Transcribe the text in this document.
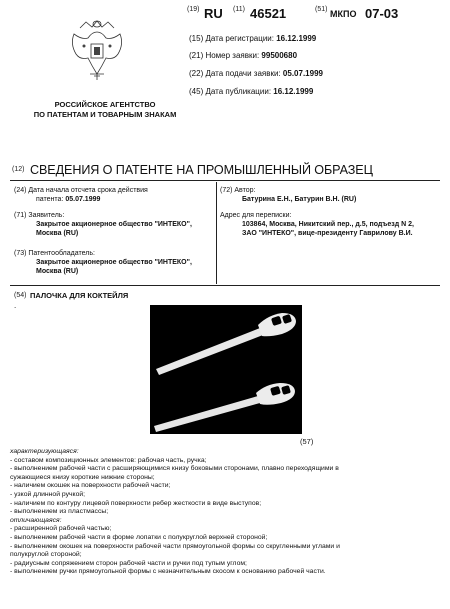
(19) RU (11) 46521	(51) МКПО 07-03
(15) Дата регистрации: 16.12.1999
(21) Номер заявки: 99500680
(22) Дата подачи заявки: 05.07.1999
(45) Дата публикации: 16.12.1999
РОССИЙСКОЕ АГЕНТСТВО
ПО ПАТЕНТАМ И ТОВАРНЫМ ЗНАКАМ
(12) СВЕДЕНИЯ О ПАТЕНТЕ НА ПРОМЫШЛЕННЫЙ ОБРАЗЕЦ
(24) Дата начала отсчета срока действия
патента: 05.07.1999
(71) Заявитель:
Закрытое акционерное общество "ИНТЕКО",
Москва (RU)
(73) Патентообладатель:
Закрытое акционерное общество "ИНТЕКО",
Москва (RU)
(72) Автор:
Батурина Е.Н., Батурин В.Н. (RU)
Адрес для переписки:
103864, Москва, Никитский пер., д.5, подъезд N 2,
ЗАО "ИНТЕКО", вице-президенту Гаврилову В.И.
(54) ПАЛОЧКА ДЛЯ КОКТЕЙЛЯ
.
(57)
характеризующаяся:
- составом композиционных элементов: рабочая часть, ручка;
- выполнением рабочей части с расширяющимися книзу боковыми сторонами, плавно переходящими в
сужающиеся книзу короткие нижние стороны;
- наличием окошек на поверхности рабочей части;
- узкой длинной ручкой;
- наличием по контуру лицевой поверхности ребер жесткости в виде выступов;
- выполнением из пластмассы;
отличающаяся:
- расширенной рабочей частью;
- выполнением рабочей части в форме лопатки с полукруглой верхней стороной;
- выполнением окошек на поверхности рабочей части прямоугольной формы со скругленными углами и
полукруглой стороной;
- радиусным сопряжением сторон рабочей части и ручки под тупым углом;
- выполнением ручки прямоугольной формы с незначительным скосом к основанию рабочей части.
